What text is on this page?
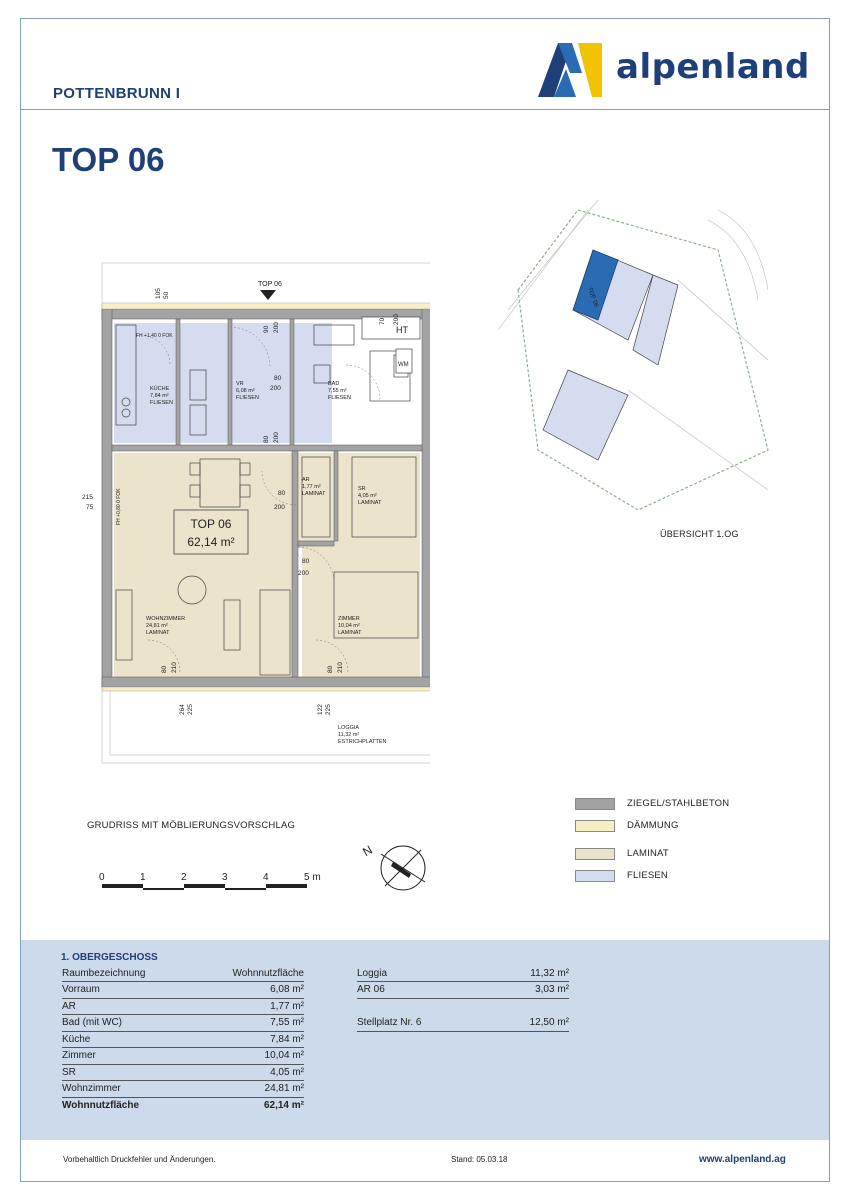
POTTENBRUNN I
alpenland
TOP 06
1. OBERGESCHOSS
Raumbezeichnung	Wohnnutzfläche
Vorraum	6,08 m²
AR	1,77 m²
Bad (mit WC)	7,55 m²
Küche	7,84 m²
Zimmer	10,04 m²
SR	4,05 m²
Wohnzimmer	24,81 m²
Wohnnutzfläche	62,14 m²
Loggia	11,32 m²
AR 06	3,03 m²

Stellplatz Nr. 6	12,50 m²
Vorbehaltlich Druckfehler und Änderungen.	Stand: 05.03.18	www.alpenland.ag
TOP 06
HT
WM
FH +1,40 0 FOK
FH +0,80 0 FOK
KÜCHE
7,84 m²
FLIESEN
VR
6,08 m²
FLIESEN
BAD
7,55 m²
FLIESEN
AR
1,77 m²
LAMINAT
SR
4,05 m²
LAMINAT
WOHNZIMMER
24,81 m²
LAMINAT
ZIMMER
10,04 m²
LAMINAT
LOGGIA
11,32 m²
ESTRICHPLATTEN
TOP 06
62,14 m²
105 50
70 200
90 200
80
200
80 200
80
200
80
200
215
75
80 210	80 210
264 225	122 225
TOP 06
ÜBERSICHT 1.OG
GRUDRISS MIT MÖBLIERUNGSVORSCHLAG
0	1	2	3	4	5 m
N
ZIEGEL/STAHLBETON
DÄMMUNG
LAMINAT
FLIESEN
